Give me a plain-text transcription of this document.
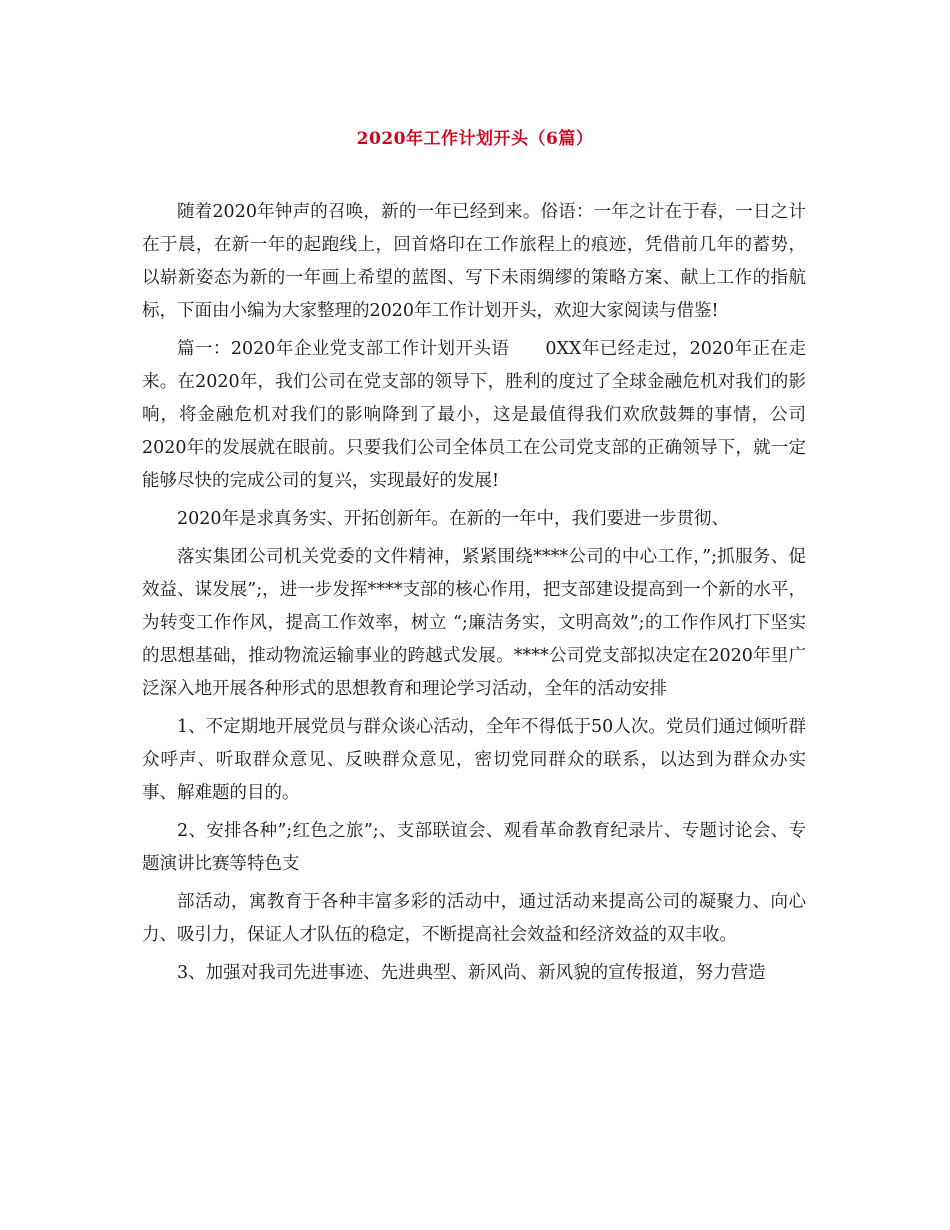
2020年工作计划开头（6篇）

随着2020年钟声的召唤，新的一年已经到来。俗语：一年之计在于春，一日之计在于晨，在新一年的起跑线上，回首烙印在工作旅程上的痕迹，凭借前几年的蓄势，以崭新姿态为新的一年画上希望的蓝图、写下未雨绸缪的策略方案、献上工作的指航标，下面由小编为大家整理的2020年工作计划开头，欢迎大家阅读与借鉴!

篇一：2020年企业党支部工作计划开头语　　0XX年已经走过，2020年正在走来。在2020年，我们公司在党支部的领导下，胜利的度过了全球金融危机对我们的影响，将金融危机对我们的影响降到了最小，这是最值得我们欢欣鼓舞的事情，公司2020年的发展就在眼前。只要我们公司全体员工在公司党支部的正确领导下，就一定能够尽快的完成公司的复兴，实现最好的发展!

2020年是求真务实、开拓创新年。在新的一年中，我们要进一步贯彻、

落实集团公司机关党委的文件精神，紧紧围绕****公司的中心工作，”;抓服务、促效益、谋发展”;，进一步发挥****支部的核心作用，把支部建设提高到一个新的水平，为转变工作作风，提高工作效率，树立 “;廉洁务实，文明高效”;的工作作风打下坚实的思想基础，推动物流运输事业的跨越式发展。****公司党支部拟决定在2020年里广泛深入地开展各种形式的思想教育和理论学习活动，全年的活动安排

1、不定期地开展党员与群众谈心活动，全年不得低于50人次。党员们通过倾听群众呼声、听取群众意见、反映群众意见，密切党同群众的联系，以达到为群众办实事、解难题的目的。

2、安排各种”;红色之旅”;、支部联谊会、观看革命教育纪录片、专题讨论会、专题演讲比赛等特色支

部活动，寓教育于各种丰富多彩的活动中，通过活动来提高公司的凝聚力、向心力、吸引力，保证人才队伍的稳定，不断提高社会效益和经济效益的双丰收。

3、加强对我司先进事迹、先进典型、新风尚、新风貌的宣传报道，努力营造
